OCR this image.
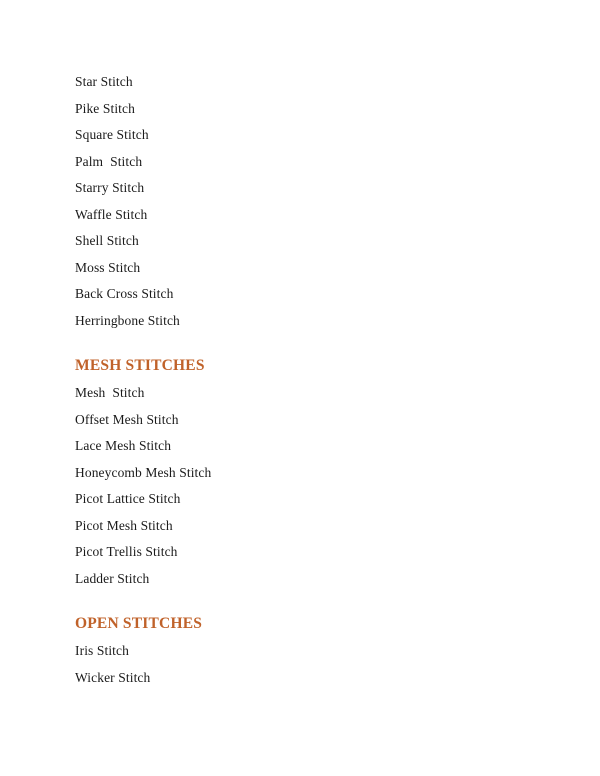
Star Stitch
Pike Stitch
Square Stitch
Palm  Stitch
Starry Stitch
Waffle Stitch
Shell Stitch
Moss Stitch
Back Cross Stitch
Herringbone Stitch
MESH STITCHES
Mesh  Stitch
Offset Mesh Stitch
Lace Mesh Stitch
Honeycomb Mesh Stitch
Picot Lattice Stitch
Picot Mesh Stitch
Picot Trellis Stitch
Ladder Stitch
OPEN STITCHES
Iris Stitch
Wicker Stitch
